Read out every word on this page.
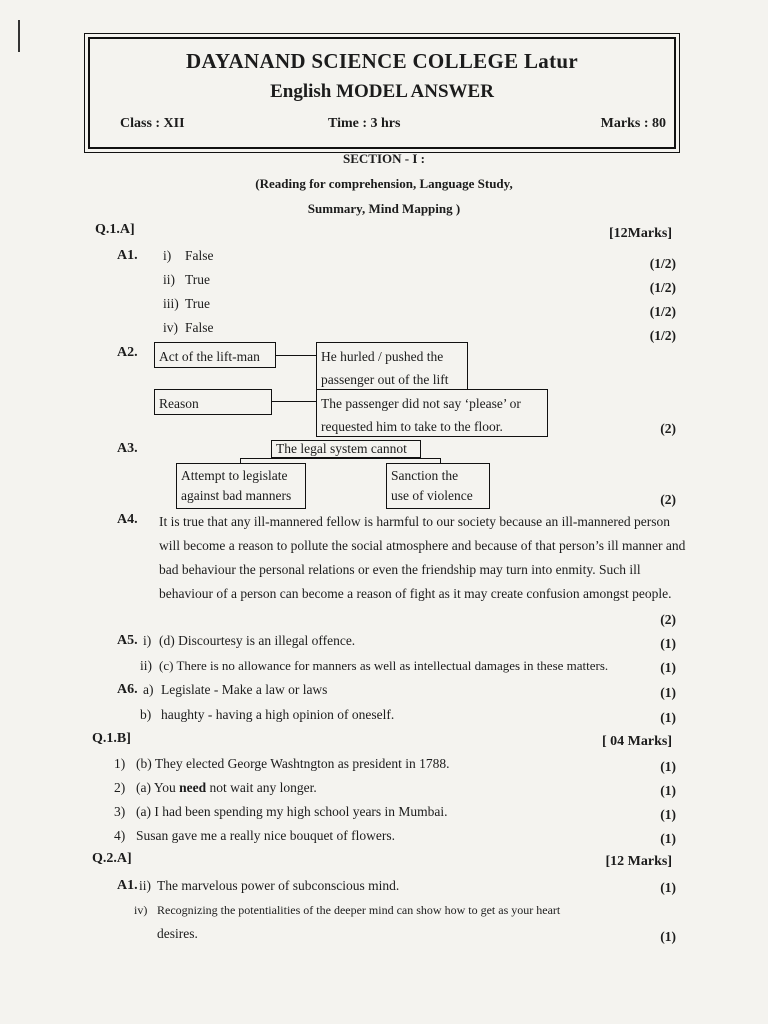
DAYANAND SCIENCE COLLEGE Latur
English MODEL ANSWER
Class : XII	Time : 3 hrs	Marks : 80
SECTION - I :
(Reading for comprehension, Language Study,
Summary, Mind Mapping )
Q.1.A]	[12Marks]
A1. i) False
(1/2)
ii) True
(1/2)
iii) True
(1/2)
iv) False
(1/2)
A2.	Act of the lift-man	He hurled / pushed the
passenger out of the lift
Reason	The passenger did not say ‘please’ or
requested him to take to the floor.	(2)
A3.	The legal system cannot
Attempt to legislate
against bad manners
Sanction the
use of violence	(2)
A4. It is true that any ill-mannered fellow is harmful to our society because an ill-mannered person will become a reason to pollute the social atmosphere and because of that person’s ill manner and bad behaviour the personal relations or even the friendship may turn into enmity. Such ill behaviour of a person can become a reason of fight as it may create confusion amongst people.
(2)
A5. i) (d) Discourtesy is an illegal offence.	(1)
ii) (c) There is no allowance for manners as well as intellectual damages in these matters.	(1)
A6. a) Legislate - Make a law or laws	(1)
b) haughty - having a high opinion of oneself.	(1)
Q.1.B]	[ 04 Marks]
1) (b) They elected George Washtngton as president in 1788.	(1)
2) (a) You need not wait any longer.	(1)
3) (a) I had been spending my high school years in Mumbai.	(1)
4) Susan gave me a really nice bouquet of flowers.	(1)
Q.2.A]	[12 Marks]
A1. ii) The marvelous power of subconscious mind.	(1)
iv) Recognizing the potentialities of the deeper mind can show how to get as your heart
desires.	(1)
